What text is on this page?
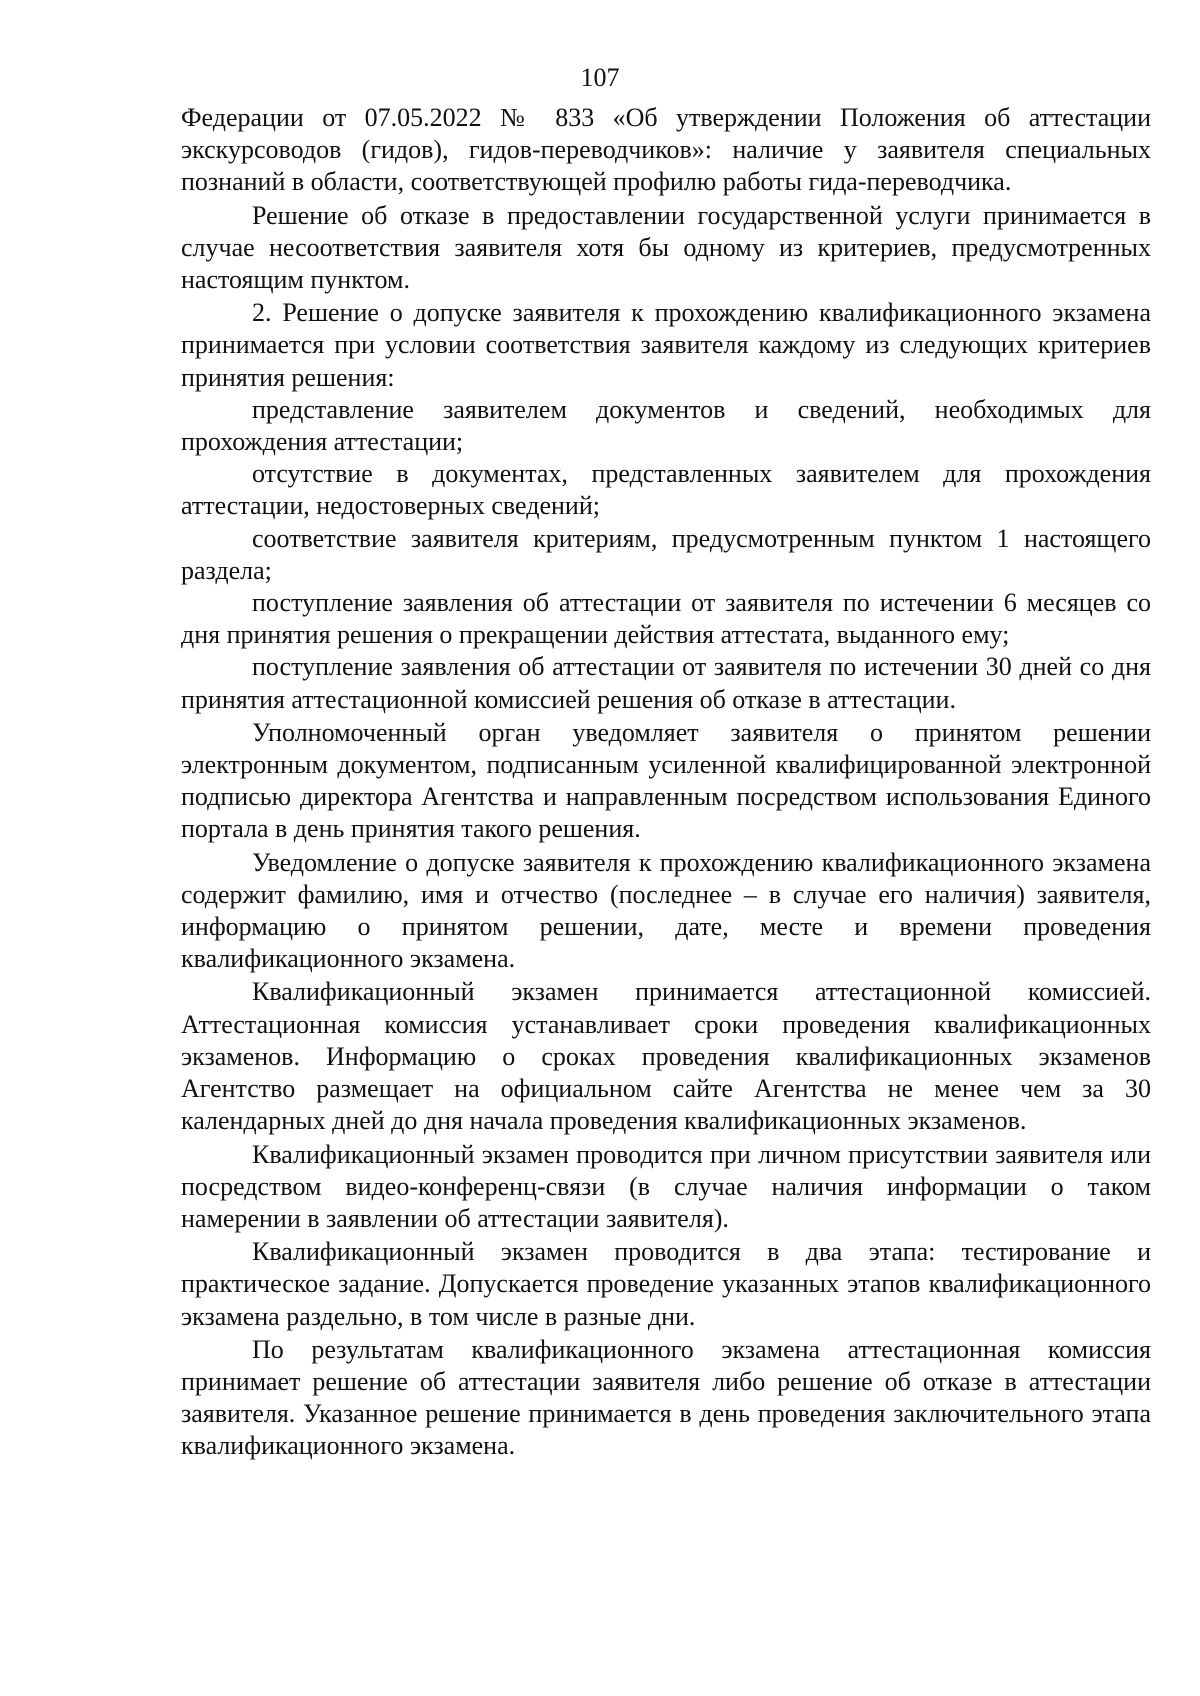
107

Федерации от 07.05.2022 № 833 «Об утверждении Положения об аттестации экскурсоводов (гидов), гидов-переводчиков»: наличие у заявителя специальных познаний в области, соответствующей профилю работы гида-переводчика.

Решение об отказе в предоставлении государственной услуги принимается в случае несоответствия заявителя хотя бы одному из критериев, предусмотренных настоящим пунктом.

2. Решение о допуске заявителя к прохождению квалификационного экзамена принимается при условии соответствия заявителя каждому из следующих критериев принятия решения:

представление заявителем документов и сведений, необходимых для прохождения аттестации;

отсутствие в документах, представленных заявителем для прохождения аттестации, недостоверных сведений;

соответствие заявителя критериям, предусмотренным пунктом 1 настоящего раздела;

поступление заявления об аттестации от заявителя по истечении 6 месяцев со дня принятия решения о прекращении действия аттестата, выданного ему;

поступление заявления об аттестации от заявителя по истечении 30 дней со дня принятия аттестационной комиссией решения об отказе в аттестации.

Уполномоченный орган уведомляет заявителя о принятом решении электронным документом, подписанным усиленной квалифицированной электронной подписью директора Агентства и направленным посредством использования Единого портала в день принятия такого решения.

Уведомление о допуске заявителя к прохождению квалификационного экзамена содержит фамилию, имя и отчество (последнее – в случае его наличия) заявителя, информацию о принятом решении, дате, месте и времени проведения квалификационного экзамена.

Квалификационный экзамен принимается аттестационной комиссией. Аттестационная комиссия устанавливает сроки проведения квалификационных экзаменов. Информацию о сроках проведения квалификационных экзаменов Агентство размещает на официальном сайте Агентства не менее чем за 30 календарных дней до дня начала проведения квалификационных экзаменов.

Квалификационный экзамен проводится при личном присутствии заявителя или посредством видео-конференц-связи (в случае наличия информации о таком намерении в заявлении об аттестации заявителя).

Квалификационный экзамен проводится в два этапа: тестирование и практическое задание. Допускается проведение указанных этапов квалификационного экзамена раздельно, в том числе в разные дни.

По результатам квалификационного экзамена аттестационная комиссия принимает решение об аттестации заявителя либо решение об отказе в аттестации заявителя. Указанное решение принимается в день проведения заключительного этапа квалификационного экзамена.
